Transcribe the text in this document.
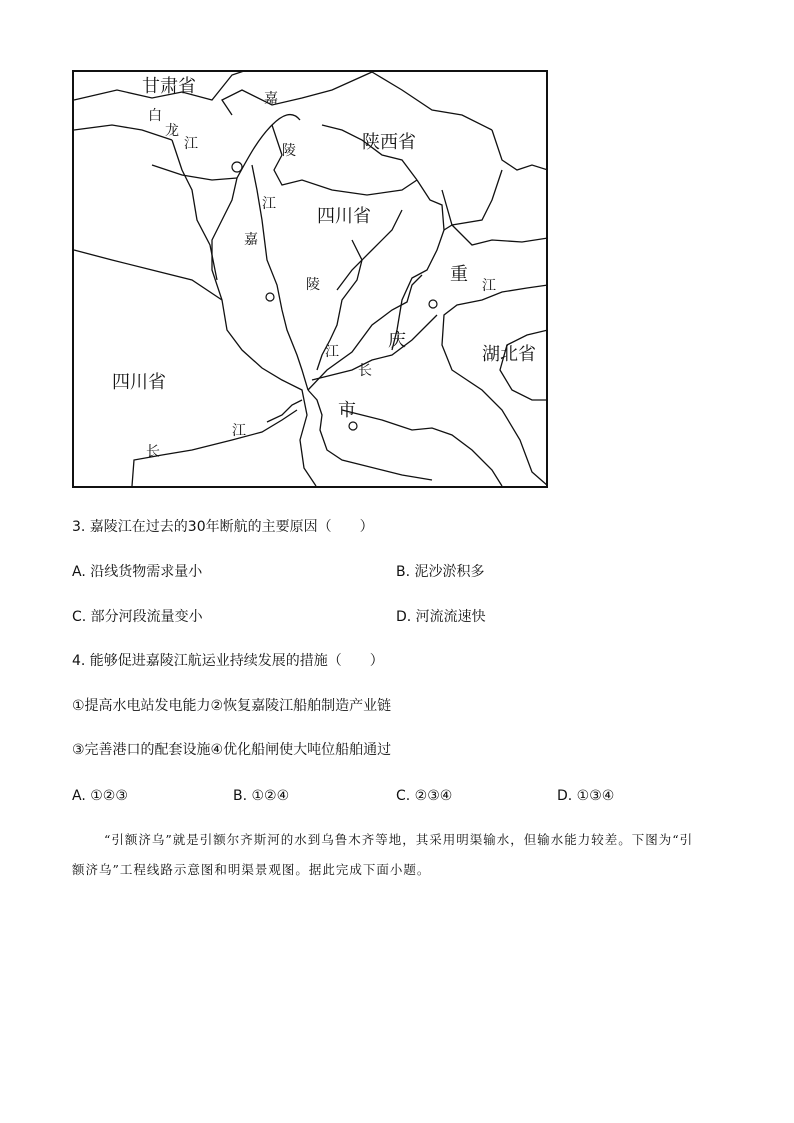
甘肃省
陕西省
四川省
四川省
湖北省
白
龙
江
嘉
陵
江
嘉
陵
江
重
庆
市
江
长
江
长
3. 嘉陵江在过去的30年断航的主要原因（　　）
A. 沿线货物需求量小	B. 泥沙淤积多
C. 部分河段流量变小	D. 河流流速快
4. 能够促进嘉陵江航运业持续发展的措施（　　）
①提高水电站发电能力②恢复嘉陵江船舶制造产业链
③完善港口的配套设施④优化船闸使大吨位船舶通过
A. ①②③	B. ①②④	C. ②③④	D. ①③④
“引额济乌”就是引额尔齐斯河的水到乌鲁木齐等地，其采用明渠输水，但输水能力较差。下图为“引
额济乌”工程线路示意图和明渠景观图。据此完成下面小题。
